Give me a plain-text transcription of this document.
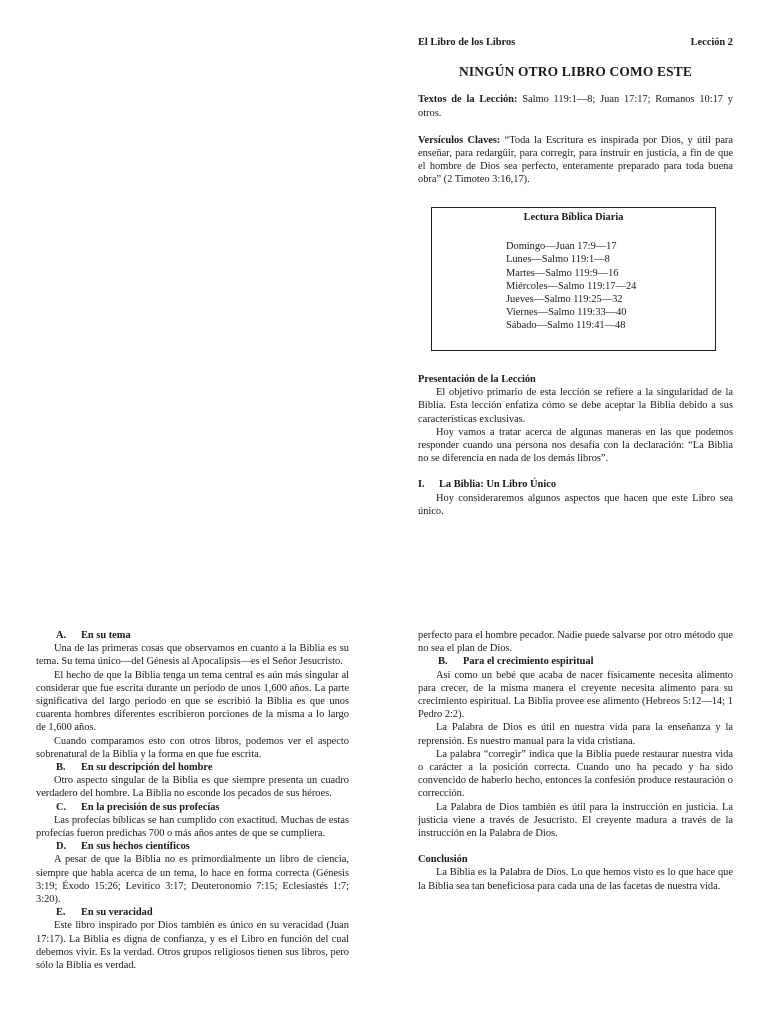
El Libro de los Libros	Lección 2
NINGÚN OTRO LIBRO COMO ESTE

Textos de la Lección: Salmo 119:1—8; Juan 17:17; Romanos 10:17 y otros.

Versículos Claves: “Toda la Escritura es inspirada por Dios, y útil para enseñar, para redargüir, para corregir, para instruir en justicia, a fin de que el hombre de Dios sea perfecto, enteramente preparado para toda buena obra” (2 Timoteo 3:16,17).

Lectura Bíblica Diaria
Domingo—Juan 17:9—17
Lunes—Salmo 119:1—8
Martes—Salmo 119:9—16
Miércoles—Salmo 119:17—24
Jueves—Salmo 119:25—32
Viernes—Salmo 119:33—40
Sábado—Salmo 119:41—48
Presentación de la Lección

El objetivo primario de esta lección se refiere a la singularidad de la Biblia. Esta lección enfatiza cómo se debe aceptar la Biblia debido a sus características exclusivas.

Hoy vamos a tratar acerca de algunas maneras en las que podemos responder cuando una persona nos desafía con la declaración: “La Biblia no se diferencia en nada de los demás libros”.

I.	La Biblia: Un Libro Único

Hoy consideraremos algunos aspectos que hacen que este Libro sea único.

A.	En su tema

Una de las primeras cosas que observamos en cuanto a la Biblia es su tema. Su tema único—del Génesis al Apocalipsis—es el Señor Jesucristo.

El hecho de que la Biblia tenga un tema central es aún más singular al considerar que fue escrita durante un periodo de unos 1,600 años. La parte significativa del largo periodo en que se escribió la Biblia es que unos cuarenta hombres diferentes escribieron porciones de la misma a lo largo de 1,600 años.

Cuando comparamos esto con otros libros, podemos ver el aspecto sobrenatural de la Biblia y la forma en que fue escrita.

B.	En su descripción del hombre

Otro aspecto singular de la Biblia es que siempre presenta un cuadro verdadero del hombre. La Biblia no esconde los pecados de sus héroes.

C.	En la precisión de sus profecías

Las profecías bíblicas se han cumplido con exactitud. Muchas de estas profecías fueron predichas 700 o más años antes de que se cumpliera.

D.	En sus hechos científicos

A pesar de que la Biblia no es primordialmente un libro de ciencia, siempre que habla acerca de un tema, lo hace en forma correcta (Génesis 3:19; Éxodo 15:26; Levítico 3:17; Deuteronomio 7:15; Eclesiastés 1:7; 3:20).

E.	En su veracidad

Este libro inspirado por Dios también es único en su veracidad (Juan 17:17). La Biblia es digna de confianza, y es el Libro en función del cual debemos vivir. Es la verdad. Otros grupos religiosos tienen sus libros, pero sólo la Biblia es verdad.

perfecto para el hombre pecador. Nadie puede salvarse por otro método que no sea el plan de Dios.

B.	Para el crecimiento espiritual

Así como un bebé que acaba de nacer físicamente necesita alimento para crecer, de la misma manera el creyente necesita alimento para su crecimiento espiritual. La Biblia provee ese alimento (Hebreos 5:12—14; 1 Pedro 2:2).

La Palabra de Dios es útil en nuestra vida para la enseñanza y la reprensión. Es nuestro manual para la vida cristiana.

La palabra “corregir” indica que la Biblia puede restaurar nuestra vida o carácter a la posición correcta. Cuando uno ha pecado y ha sido convencido de haberlo hecho, entonces la confesión produce restauración o corrección.

La Palabra de Dios también es útil para la instrucción en justicia. La justicia viene a través de Jesucristo. El creyente madura a través de la instrucción en la Palabra de Dios.

Conclusión

La Biblia es la Palabra de Dios. Lo que hemos visto es lo que hace que la Biblia sea tan beneficiosa para cada una de las facetas de nuestra vida.
